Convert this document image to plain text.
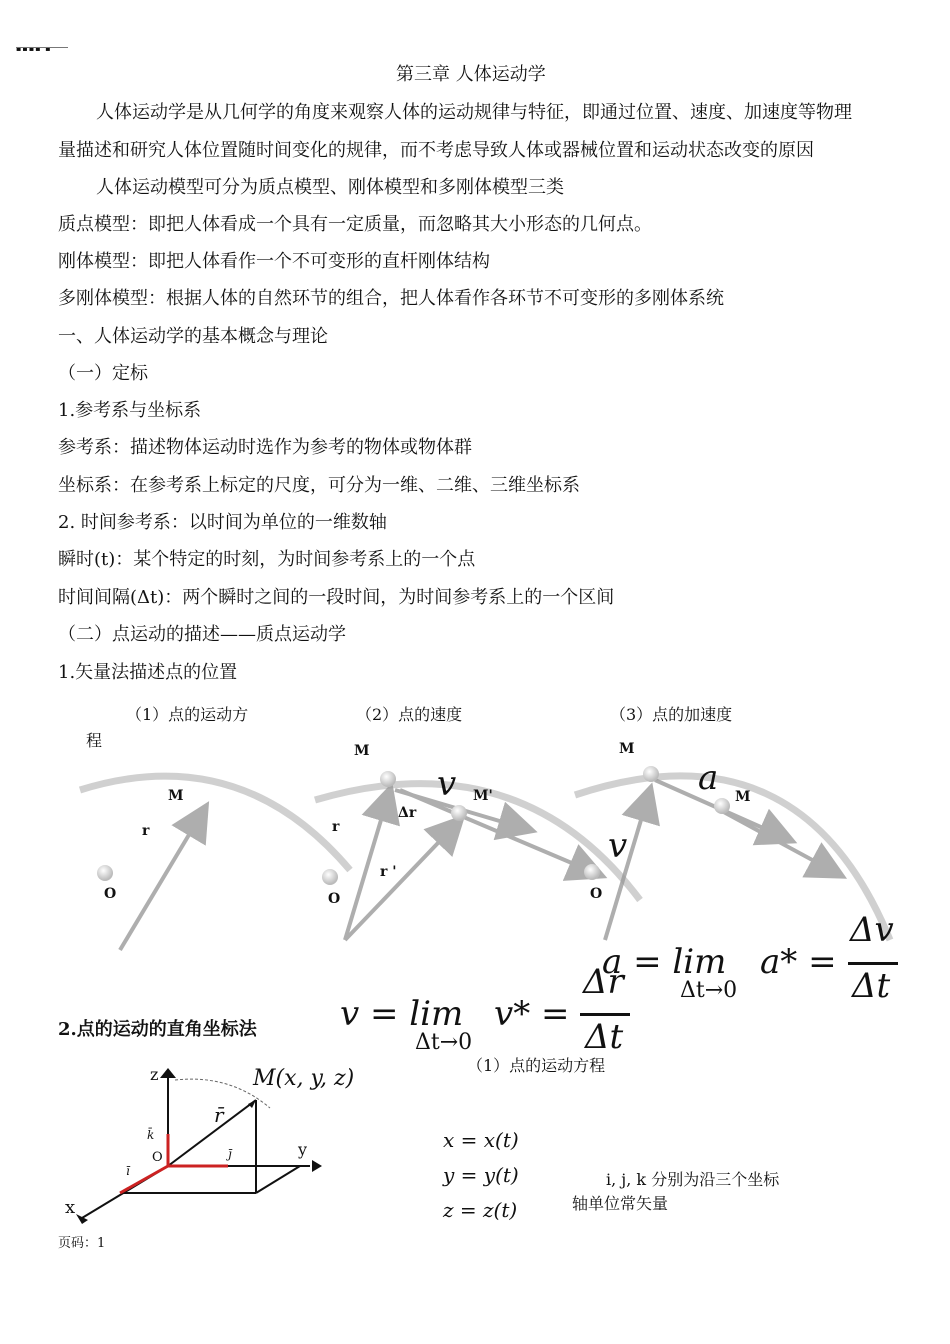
▪▪▪▪ ▪
第三章 人体运动学
人体运动学是从几何学的角度来观察人体的运动规律与特征，即通过位置、速度、加速度等物理
量描述和研究人体位置随时间变化的规律，而不考虑导致人体或器械位置和运动状态改变的原因
人体运动模型可分为质点模型、刚体模型和多刚体模型三类
质点模型：即把人体看成一个具有一定质量，而忽略其大小形态的几何点。
刚体模型：即把人体看作一个不可变形的直杆刚体结构
多刚体模型：根据人体的自然环节的组合，把人体看作各环节不可变形的多刚体系统
一、人体运动学的基本概念与理论
（一）定标
1.参考系与坐标系
参考系：描述物体运动时选作为参考的物体或物体群
坐标系：在参考系上标定的尺度，可分为一维、二维、三维坐标系
2. 时间参考系：以时间为单位的一维数轴
瞬时(t)：某个特定的时刻，为时间参考系上的一个点
时间间隔(Δt)：两个瞬时之间的一段时间，为时间参考系上的一个区间
（二）点运动的描述——质点运动学
1.矢量法描述点的位置
（1）点的运动方
程
（2）点的速度	（3）点的加速度
M
r
O
M
M'
Δr
r
r '
O
v
M
M
O
a
v
a = lim
Δt→0
a* =
Δv
Δt
v = lim
Δt→0
v* =
Δr
Δt
2.点的运动的直角坐标法
（1）点的运动方程
z
y
x
O
k̄
ī
j̄
r̄
M(x, y, z)
x = x(t)
y = y(t)
z = z(t)
i, j, k 分别为沿三个坐标
轴单位常矢量
页码：1
